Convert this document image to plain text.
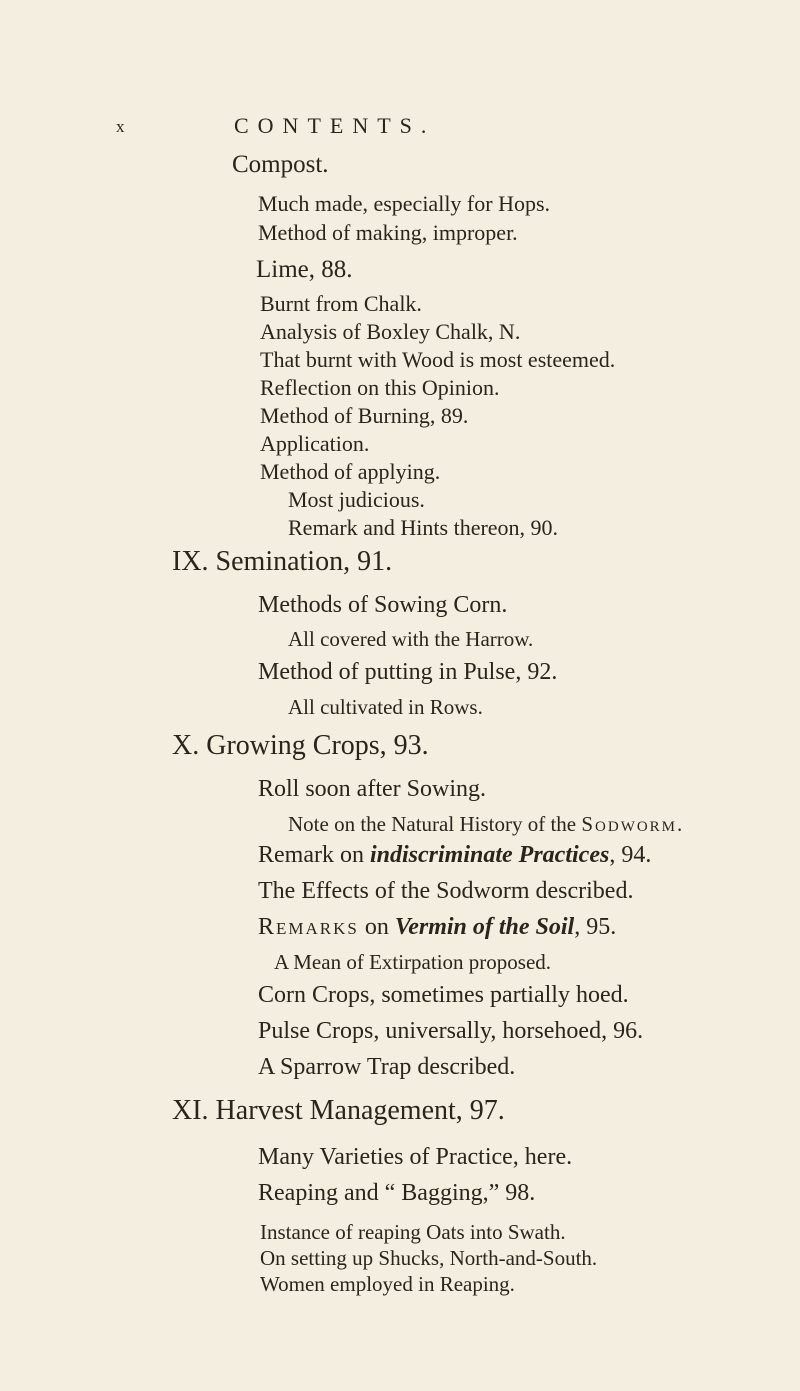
x	CONTENTS.
Compost.
Much made, especially for Hops.
Method of making, improper.
Lime, 88.
Burnt from Chalk.
Analysis of Boxley Chalk, N.
That burnt with Wood is most esteemed.
Reflection on this Opinion.
Method of Burning, 89.
Application.
Method of applying.
Most judicious.
Remark and Hints thereon, 90.
IX. Semination, 91.
Methods of Sowing Corn.
All covered with the Harrow.
Method of putting in Pulse, 92.
All cultivated in Rows.
X. Growing Crops, 93.
Roll soon after Sowing.
Note on the Natural History of the Sodworm.
Remark on indiscriminate Practices, 94.
The Effects of the Sodworm described.
Remarks on Vermin of the Soil, 95.
A Mean of Extirpation proposed.
Corn Crops, sometimes partially hoed.
Pulse Crops, universally, horsehoed, 96.
A Sparrow Trap described.
XI. Harvest Management, 97.
Many Varieties of Practice, here.
Reaping and “ Bagging,” 98.
Instance of reaping Oats into Swath.
On setting up Shucks, North-and-South.
Women employed in Reaping.
